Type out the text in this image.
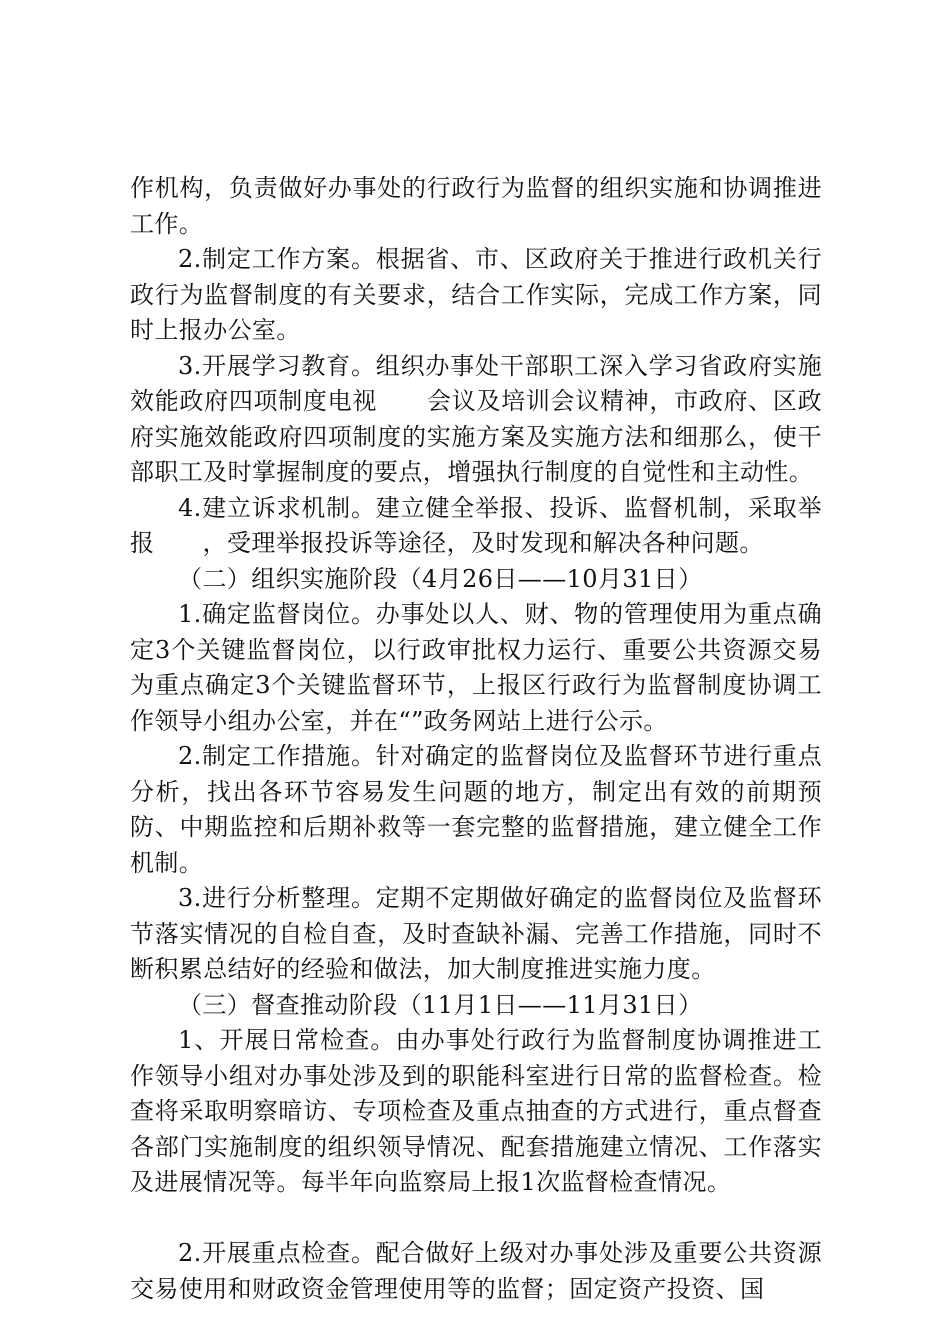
作机构，负责做好办事处的行政行为监督的组织实施和协调推进工作。

2.制定工作方案。根据省、市、区政府关于推进行政机关行政行为监督制度的有关要求，结合工作实际，完成工作方案，同时上报办公室。

3.开展学习教育。组织办事处干部职工深入学习省政府实施效能政府四项制度电视      会议及培训会议精神，市政府、区政府实施效能政府四项制度的实施方案及实施方法和细那么，使干部职工及时掌握制度的要点，增强执行制度的自觉性和主动性。

4.建立诉求机制。建立健全举报、投诉、监督机制，采取举报      ，受理举报投诉等途径，及时发现和解决各种问题。

（二）组织实施阶段（4月26日——10月31日）

1.确定监督岗位。办事处以人、财、物的管理使用为重点确定3个关键监督岗位，以行政审批权力运行、重要公共资源交易为重点确定3个关键监督环节，上报区行政行为监督制度协调工作领导小组办公室，并在“”政务网站上进行公示。

2.制定工作措施。针对确定的监督岗位及监督环节进行重点分析，找出各环节容易发生问题的地方，制定出有效的前期预防、中期监控和后期补救等一套完整的监督措施，建立健全工作机制。

3.进行分析整理。定期不定期做好确定的监督岗位及监督环节落实情况的自检自查，及时查缺补漏、完善工作措施，同时不断积累总结好的经验和做法，加大制度推进实施力度。

（三）督查推动阶段（11月1日——11月31日）

1、开展日常检查。由办事处行政行为监督制度协调推进工作领导小组对办事处涉及到的职能科室进行日常的监督检查。检查将采取明察暗访、专项检查及重点抽查的方式进行，重点督查各部门实施制度的组织领导情况、配套措施建立情况、工作落实及进展情况等。每半年向监察局上报1次监督检查情况。

2.开展重点检查。配合做好上级对办事处涉及重要公共资源交易使用和财政资金管理使用等的监督；固定资产投资、国
